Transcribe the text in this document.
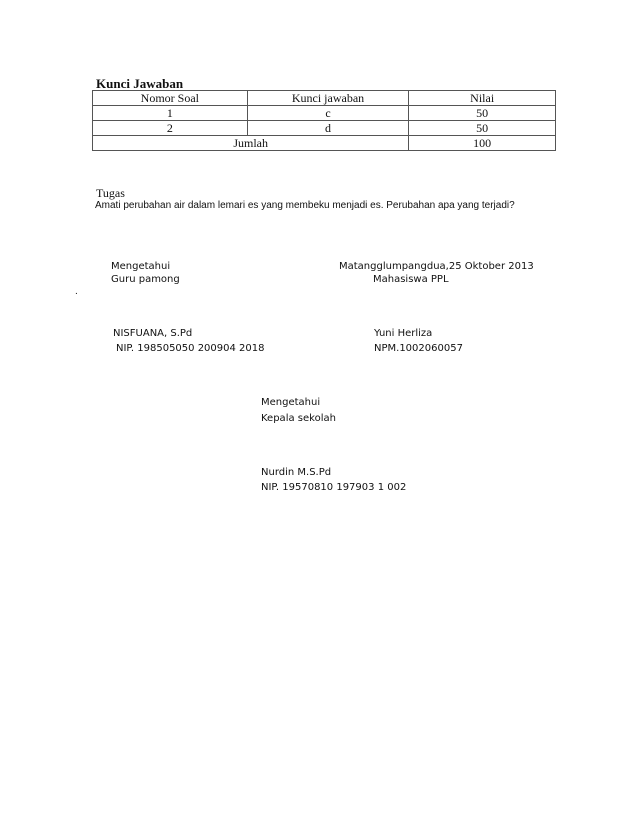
Kunci Jawaban
Nomor Soal	Kunci jawaban	Nilai
1	c	50
2	d	50
Jumlah		100
Tugas
Amati perubahan air dalam lemari es yang membeku menjadi es. Perubahan apa yang terjadi?
Mengetahui
Guru pamong
NISFUANA, S.Pd
NIP. 198505050 200904 2018
Matangglumpangdua,25 Oktober 2013
Mahasiswa PPL
Yuni Herliza
NPM.1002060057
Mengetahui
Kepala sekolah
Nurdin M.S.Pd
NIP. 19570810 197903 1 002
.
